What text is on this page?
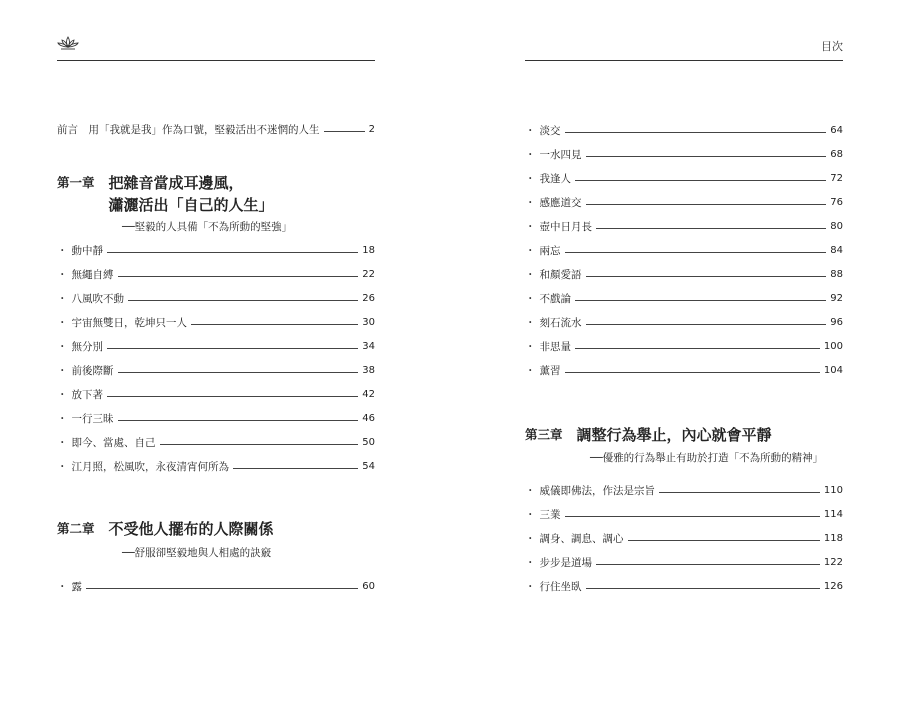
前言　用「我就是我」作為口號，堅毅活出不迷惘的人生	2
第一章 把雜音當成耳邊風，
瀟灑活出「自己的人生」
──堅毅的人具備「不為所動的堅強」
・ 動中靜	18
・ 無繩自縛	22
・ 八風吹不動	26
・ 宇宙無雙日，乾坤只一人	30
・ 無分別	34
・ 前後際斷	38
・ 放下著	42
・ 一行三昧	46
・ 即今、當處、自己	50
・ 江月照，松風吹，永夜清宵何所為	54
第二章 不受他人擺布的人際關係
──舒服卻堅毅地與人相處的訣竅
・ 露	60
目次
・ 淡交	64
・ 一水四見	68
・ 我逢人	72
・ 感應道交	76
・ 壺中日月長	80
・ 兩忘	84
・ 和顏愛語	88
・ 不戲論	92
・ 刻石流水	96
・ 非思量	100
・ 薰習	104
第三章 調整行為舉止，內心就會平靜
──優雅的行為舉止有助於打造「不為所動的精神」
・ 威儀即佛法，作法是宗旨	110
・ 三業	114
・ 調身、調息、調心	118
・ 步步是道場	122
・ 行住坐臥	126
